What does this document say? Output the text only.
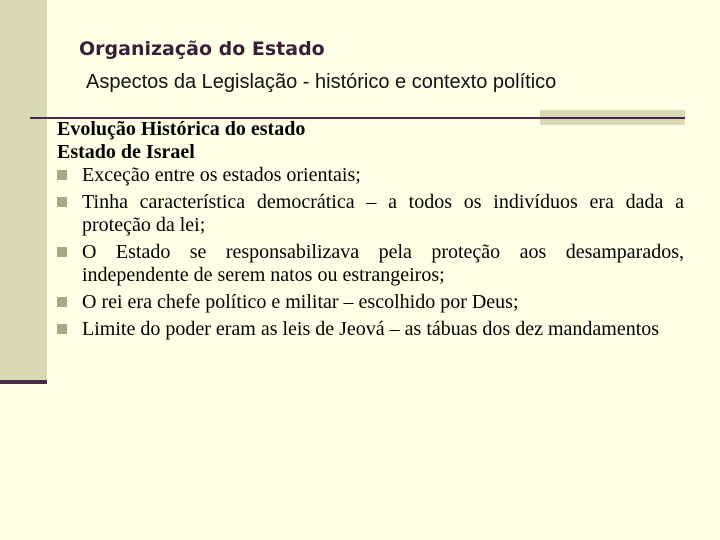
Organização do Estado
Aspectos da Legislação - histórico e contexto político

Evolução Histórica do estado

Estado de Israel

Exceção entre os estados orientais;
Tinha característica democrática – a todos os indivíduos era dada a proteção da lei;
O Estado se responsabilizava pela proteção aos desamparados, independente de serem natos ou estrangeiros;
O rei era chefe político e militar – escolhido por Deus;
Limite do poder eram as leis de Jeová – as tábuas dos dez mandamentos
